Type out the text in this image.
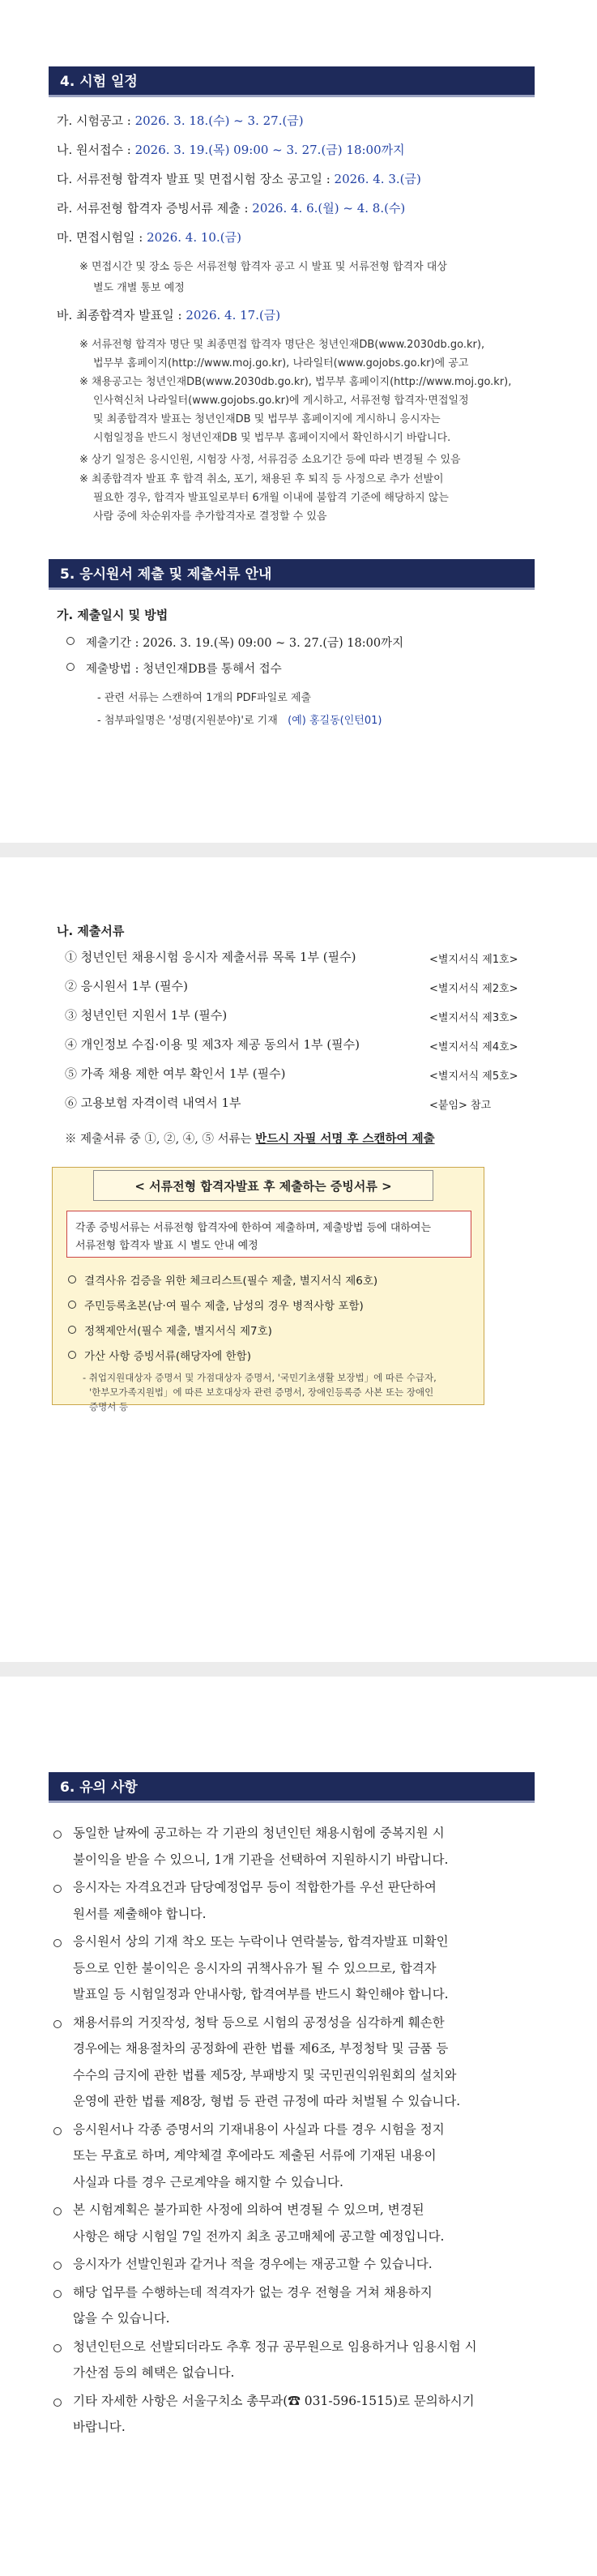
4. 시험 일정
가. 시험공고 : 2026. 3. 18.(수) ~ 3. 27.(금)
나. 원서접수 : 2026. 3. 19.(목) 09:00 ~ 3. 27.(금) 18:00까지
다. 서류전형 합격자 발표 및 면접시험 장소 공고일 : 2026. 4. 3.(금)
라. 서류전형 합격자 증빙서류 제출 : 2026. 4. 6.(월) ~ 4. 8.(수)
마. 면접시험일 : 2026. 4. 10.(금)
※ 면접시간 및 장소 등은 서류전형 합격자 공고 시 발표 및 서류전형 합격자 대상
별도 개별 통보 예정
바. 최종합격자 발표일 : 2026. 4. 17.(금)
※ 서류전형 합격자 명단 및 최종면접 합격자 명단은 청년인재DB(www.2030db.go.kr),
법무부 홈페이지(http://www.moj.go.kr), 나라일터(www.gojobs.go.kr)에 공고
※ 채용공고는 청년인재DB(www.2030db.go.kr), 법무부 홈페이지(http://www.moj.go.kr),
인사혁신처 나라일터(www.gojobs.go.kr)에 게시하고, 서류전형 합격자·면접일정
및 최종합격자 발표는 청년인재DB 및 법무부 홈페이지에 게시하니 응시자는
시험일정을 반드시 청년인재DB 및 법무부 홈페이지에서 확인하시기 바랍니다.
※ 상기 일정은 응시인원, 시험장 사정, 서류검증 소요기간 등에 따라 변경될 수 있음
※ 최종합격자 발표 후 합격 취소, 포기, 채용된 후 퇴직 등 사정으로 추가 선발이
필요한 경우, 합격자 발표일로부터 6개월 이내에 불합격 기준에 해당하지 않는
사람 중에 차순위자를 추가합격자로 결정할 수 있음
5. 응시원서 제출 및 제출서류 안내
가. 제출일시 및 방법
제출기간 : 2026. 3. 19.(목) 09:00 ~ 3. 27.(금) 18:00까지
제출방법 : 청년인재DB를 통해서 접수
- 관련 서류는 스캔하여 1개의 PDF파일로 제출
- 첨부파일명은 '성명(지원분야)'로 기재 (예) 홍길동(인턴01)
나. 제출서류
① 청년인턴 채용시험 응시자 제출서류 목록 1부 (필수)	<별지서식 제1호>
② 응시원서 1부 (필수)	<별지서식 제2호>
③ 청년인턴 지원서 1부 (필수)	<별지서식 제3호>
④ 개인정보 수집·이용 및 제3자 제공 동의서 1부 (필수)	<별지서식 제4호>
⑤ 가족 채용 제한 여부 확인서 1부 (필수)	<별지서식 제5호>
⑥ 고용보험 자격이력 내역서 1부	<붙임> 참고
※ 제출서류 중 ①, ②, ④, ⑤ 서류는 반드시 자필 서명 후 스캔하여 제출
< 서류전형 합격자발표 후 제출하는 증빙서류 >
각종 증빙서류는 서류전형 합격자에 한하여 제출하며, 제출방법 등에 대하여는
서류전형 합격자 발표 시 별도 안내 예정
결격사유 검증을 위한 체크리스트(필수 제출, 별지서식 제6호)
주민등록초본(남·여 필수 제출, 남성의 경우 병적사항 포함)
정책제안서(필수 제출, 별지서식 제7호)
가산 사항 증빙서류(해당자에 한함)
- 취업지원대상자 증명서 및 가점대상자 증명서, '국민기초생활 보장법」에 따른 수급자,
'한부모가족지원법」에 따른 보호대상자 관련 증명서, 장애인등록증 사본 또는 장애인
증명서 등
6. 유의 사항
동일한 날짜에 공고하는 각 기관의 청년인턴 채용시험에 중복지원 시
불이익을 받을 수 있으니, 1개 기관을 선택하여 지원하시기 바랍니다.
응시자는 자격요건과 담당예정업무 등이 적합한가를 우선 판단하여
원서를 제출해야 합니다.
응시원서 상의 기재 착오 또는 누락이나 연락불능, 합격자발표 미확인
등으로 인한 불이익은 응시자의 귀책사유가 될 수 있으므로, 합격자
발표일 등 시험일정과 안내사항, 합격여부를 반드시 확인해야 합니다.
채용서류의 거짓작성, 청탁 등으로 시험의 공정성을 심각하게 훼손한
경우에는 채용절차의 공정화에 관한 법률 제6조, 부정청탁 및 금품 등
수수의 금지에 관한 법률 제5장, 부패방지 및 국민권익위원회의 설치와
운영에 관한 법률 제8장, 형법 등 관련 규정에 따라 처벌될 수 있습니다.
응시원서나 각종 증명서의 기재내용이 사실과 다를 경우 시험을 정지
또는 무효로 하며, 계약체결 후에라도 제출된 서류에 기재된 내용이
사실과 다를 경우 근로계약을 해지할 수 있습니다.
본 시험계획은 불가피한 사정에 의하여 변경될 수 있으며, 변경된
사항은 해당 시험일 7일 전까지 최초 공고매체에 공고할 예정입니다.
응시자가 선발인원과 같거나 적을 경우에는 재공고할 수 있습니다.
해당 업무를 수행하는데 적격자가 없는 경우 전형을 거쳐 채용하지
않을 수 있습니다.
청년인턴으로 선발되더라도 추후 정규 공무원으로 임용하거나 임용시험 시
가산점 등의 혜택은 없습니다.
기타 자세한 사항은 서울구치소 총무과(☎ 031-596-1515)로 문의하시기
바랍니다.
